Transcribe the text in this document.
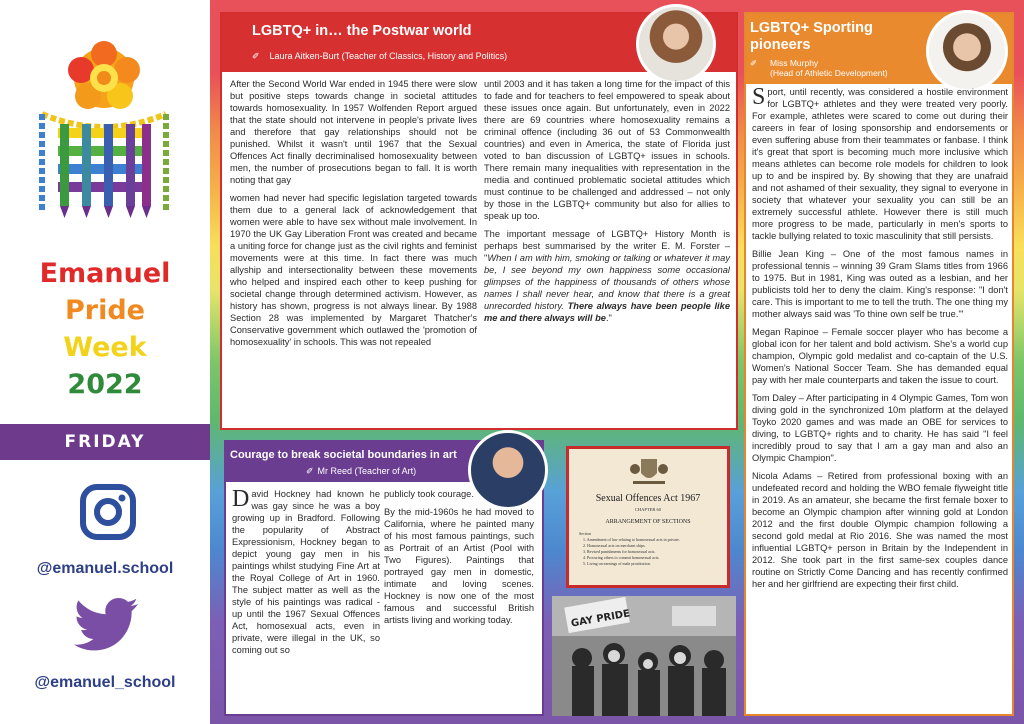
Emanuel
Pride
Week
2022
FRIDAY
@emanuel.school
@emanuel_school
LGBTQ+ in… the Postwar world
✐ Laura Aitken-Burt (Teacher of Classics, History and Politics)

After the Second World War ended in 1945 there were slow but positive steps towards change in societal attitudes towards homosexuality. In 1957 Wolfenden Report argued that the state should not intervene in people's private lives and therefore that gay relationships should not be punished. Whilst it wasn't until 1967 that the Sexual Offences Act finally decriminalised homosexuality between men, the number of prosecutions began to fall. It is worth noting that gay

women had never had specific legislation targeted towards them due to a general lack of acknowledgement that women were able to have sex without male involvement. In 1970 the UK Gay Liberation Front was created and became a uniting force for change just as the civil rights and feminist movements were at this time. In fact there was much allyship and intersectionality between these movements who helped and inspired each other to keep pushing for societal change through determined activism. However, as history has shown, progress is not always linear. By 1988 Section 28 was implemented by Margaret Thatcher's Conservative government which outlawed the 'promotion of homosexuality' in schools. This was not repealed

until 2003 and it has taken a long time for the impact of this to fade and for teachers to feel empowered to speak about these issues once again. But unfortunately, even in 2022 there are 69 countries where homosexuality remains a criminal offence (including 36 out of 53 Commonwealth countries) and even in America, the state of Florida just voted to ban discussion of LGBTQ+ issues in schools. There remain many inequalities with representation in the media and continued problematic societal attitudes which must continue to be challenged and addressed – not only by those in the LGBTQ+ community but also for allies to speak up too.

The important message of LGBTQ+ History Month is perhaps best summarised by the writer E. M. Forster – "When I am with him, smoking or talking or whatever it may be, I see beyond my own happiness some occasional glimpses of the happiness of thousands of others whose names I shall never hear, and know that there is a great unrecorded history. There always have been people like me and there always will be."

LGBTQ+ Sporting pioneers
✐ Miss Murphy
(Head of Athletic Development)

Sport, until recently, was considered a hostile environment for LGBTQ+ athletes and they were treated very poorly. For example, athletes were scared to come out during their careers in fear of losing sponsorship and endorsements or even suffering abuse from their teammates or fanbase. I think it's great that sport is becoming much more inclusive which means athletes can become role models for children to look up to and be inspired by. By showing that they are unafraid and not ashamed of their sexuality, they signal to everyone in society that whatever your sexuality you can still be an extremely successful athlete. However there is still much more progress to be made, particularly in men's sports to tackle bullying related to toxic masculinity that still persists.

Billie Jean King – One of the most famous names in professional tennis – winning 39 Gram Slams titles from 1966 to 1975. But in 1981, King was outed as a lesbian, and her publicists told her to deny the claim. King's response: "I don't care. This is important to me to tell the truth. The one thing my mother always said was 'To thine own self be true.'"

Megan Rapinoe – Female soccer player who has become a global icon for her talent and bold activism. She's a world cup champion, Olympic gold medalist and co-captain of the U.S. Women's National Soccer Team. She has demanded equal pay with her male counterparts and taken the issue to court.

Tom Daley – After participating in 4 Olympic Games, Tom won diving gold in the synchronized 10m platform at the delayed Toyko 2020 games and was made an OBE for services to diving, to LGBTQ+ rights and to charity. He has said "I feel incredibly proud to say that I am a gay man and also an Olympic Champion".

Nicola Adams – Retired from professional boxing with an undefeated record and holding the WBO female flyweight title in 2019. As an amateur, she became the first female boxer to become an Olympic champion after winning gold at London 2012 and the first double Olympic champion following a second gold medal at Rio 2016. She was named the most influential LGBTQ+ person in Britain by the Independent in 2012. She took part in the first same-sex couples dance routine on Strictly Come Dancing and has recently confirmed her and her girlfriend are expecting their first child.

Courage to break societal boundaries in art
✐ Mr Reed (Teacher of Art)

David Hockney had known he was gay since he was a boy growing up in Bradford. Following the popularity of Abstract Expressionism, Hockney began to depict young gay men in his paintings whilst studying Fine Art at the Royal College of Art in 1960. The subject matter as well as the style of his paintings was radical - up until the 1967 Sexual Offences Act, homosexual acts, even in private, were illegal in the UK, so coming out so

publicly took courage.

By the mid-1960s he had moved to California, where he painted many of his most famous paintings, such as Portrait of an Artist (Pool with Two Figures). Paintings that portrayed gay men in domestic, intimate and loving scenes. Hockney is now one of the most famous and successful British artists living and working today.

Sexual Offences Act 1967
CHAPTER 60
ARRANGEMENT OF SECTIONS
Section
1. Amendment of law relating to homosexual acts in private.
2. Homosexual acts on merchant ships.
3. Revised punishments for homosexual acts.
4. Procuring others to commit homosexual acts.
5. Living on earnings of male prostitution.
GAY PRIDE
